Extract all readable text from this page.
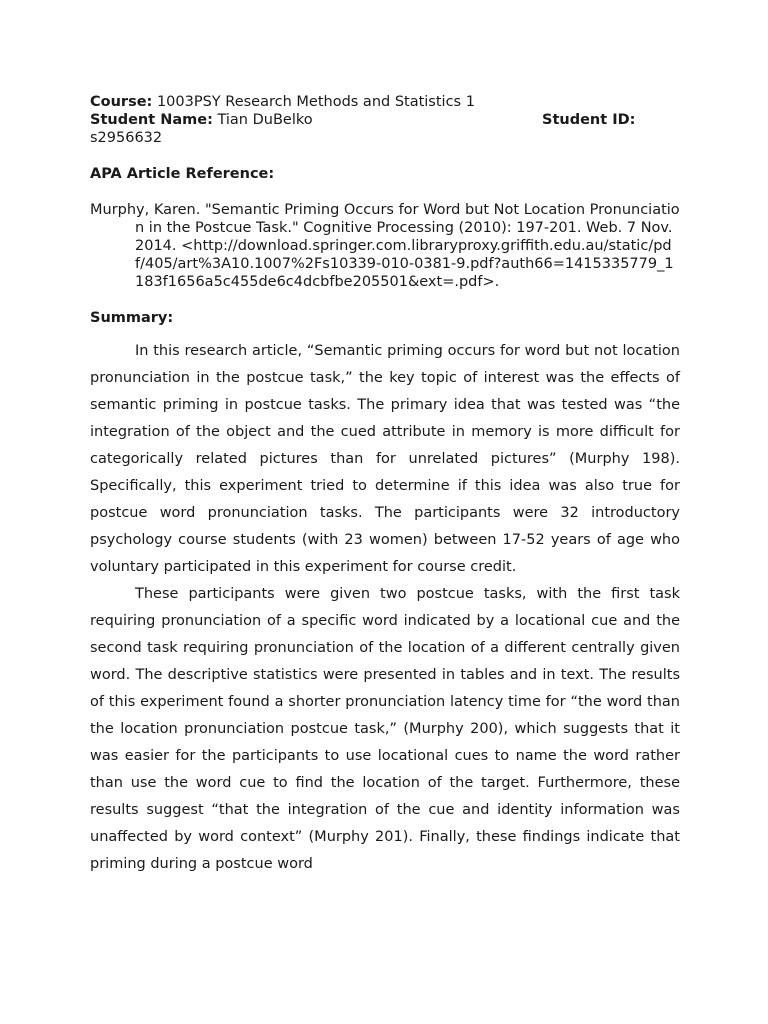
Course: 1003PSY Research Methods and Statistics 1
Student Name: Tian DuBelko	Student ID:
s2956632
APA Article Reference:
Murphy, Karen. "Semantic Priming Occurs for Word but Not Location Pronunciation in the Postcue Task." Cognitive Processing (2010): 197-201. Web. 7 Nov. 2014. <http://download.springer.com.libraryproxy.griffith.edu.au/static/pdf/405/art%3A10.1007%2Fs10339-010-0381-9.pdf?auth66=1415335779_1183f1656a5c455de6c4dcbfbe205501&ext=.pdf>.
Summary:

In this research article, “Semantic priming occurs for word but not location pronunciation in the postcue task,” the key topic of interest was the effects of semantic priming in postcue tasks. The primary idea that was tested was “the integration of the object and the cued attribute in memory is more difficult for categorically related pictures than for unrelated pictures” (Murphy 198). Specifically, this experiment tried to determine if this idea was also true for postcue word pronunciation tasks. The participants were 32 introductory psychology course students (with 23 women) between 17-52 years of age who voluntary participated in this experiment for course credit.

These participants were given two postcue tasks, with the first task requiring pronunciation of a specific word indicated by a locational cue and the second task requiring pronunciation of the location of a different centrally given word. The descriptive statistics were presented in tables and in text. The results of this experiment found a shorter pronunciation latency time for “the word than the location pronunciation postcue task,” (Murphy 200), which suggests that it was easier for the participants to use locational cues to name the word rather than use the word cue to find the location of the target. Furthermore, these results suggest “that the integration of the cue and identity information was unaffected by word context” (Murphy 201). Finally, these findings indicate that priming during a postcue word
